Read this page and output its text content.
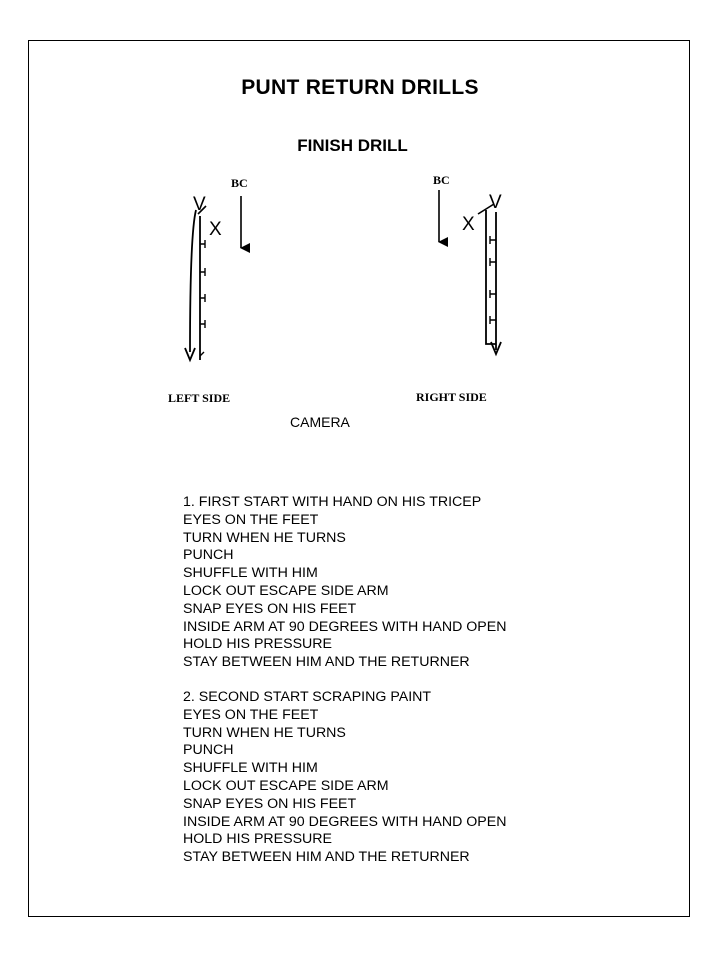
PUNT RETURN DRILLS
FINISH DRILL
V
X
V
X
BC	BC
LEFT SIDE	RIGHT SIDE
CAMERA
1. FIRST START WITH HAND ON HIS TRICEP
EYES ON THE FEET
TURN WHEN HE TURNS
PUNCH
SHUFFLE WITH HIM
LOCK OUT ESCAPE SIDE ARM
SNAP EYES ON HIS FEET
INSIDE ARM AT 90 DEGREES WITH HAND OPEN
HOLD HIS PRESSURE
STAY BETWEEN HIM AND THE RETURNER
2. SECOND START SCRAPING PAINT
EYES ON THE FEET
TURN WHEN HE TURNS
PUNCH
SHUFFLE WITH HIM
LOCK OUT ESCAPE SIDE ARM
SNAP EYES ON HIS FEET
INSIDE ARM AT 90 DEGREES WITH HAND OPEN
HOLD HIS PRESSURE
STAY BETWEEN HIM AND THE RETURNER
